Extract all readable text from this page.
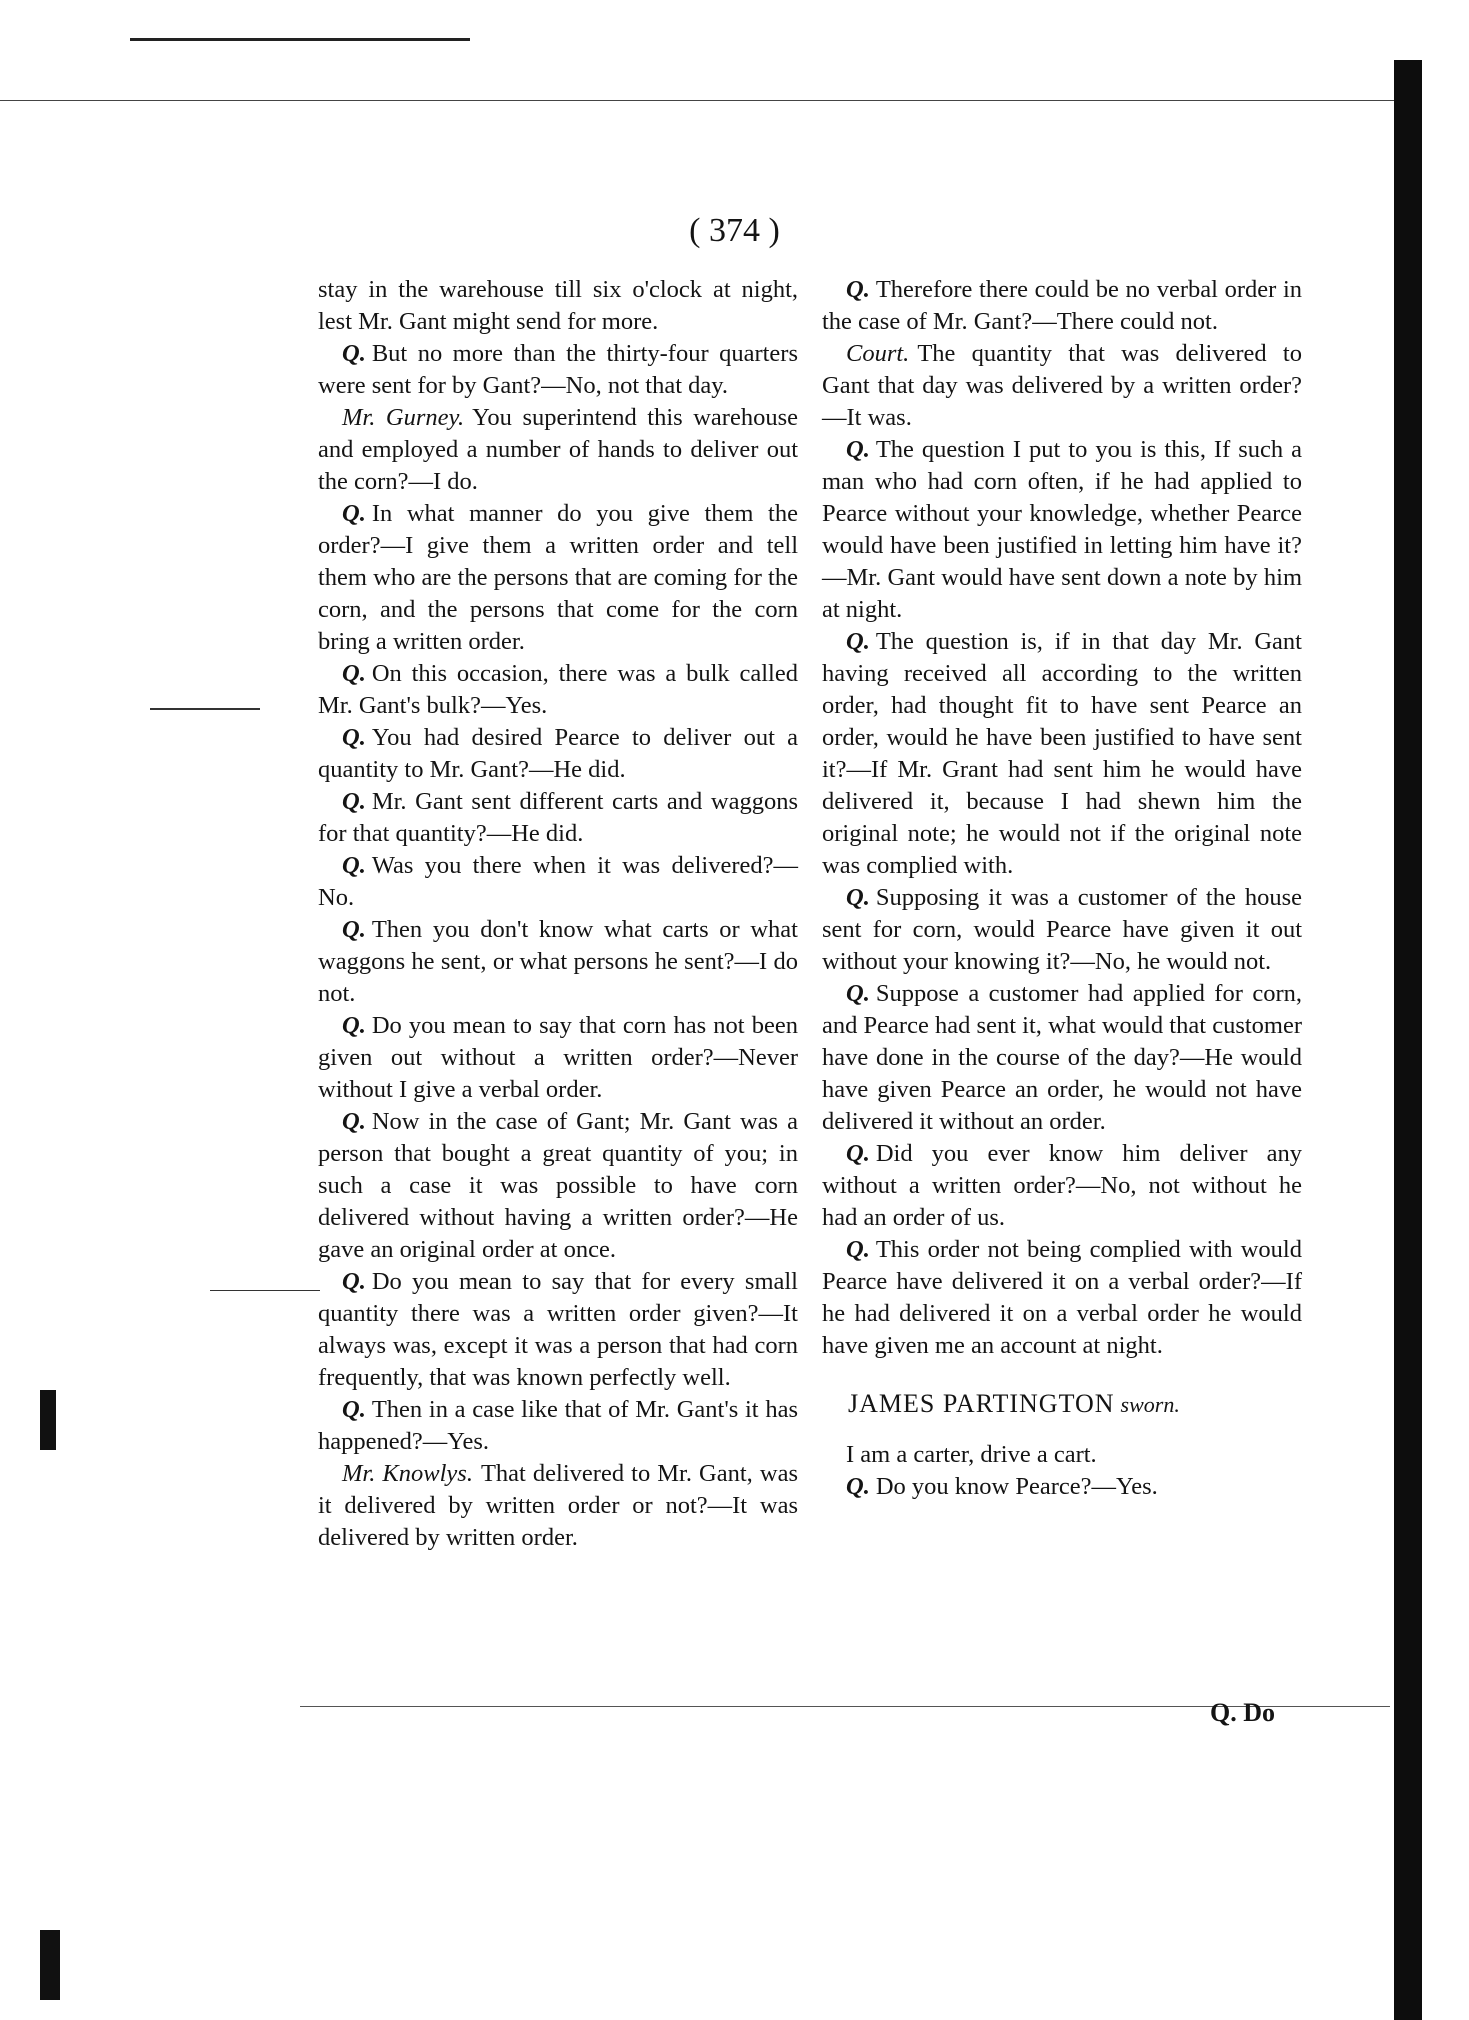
( 374 )

stay in the warehouse till six o'clock at night, lest Mr. Gant might send for more.

Q. But no more than the thirty-four quarters were sent for by Gant?—No, not that day.

Mr. Gurney. You superintend this warehouse and employed a number of hands to deliver out the corn?—I do.

Q. In what manner do you give them the order?—I give them a written order and tell them who are the persons that are coming for the corn, and the persons that come for the corn bring a written order.

Q. On this occasion, there was a bulk called Mr. Gant's bulk?—Yes.

Q. You had desired Pearce to deliver out a quantity to Mr. Gant?—He did.

Q. Mr. Gant sent different carts and waggons for that quantity?—He did.

Q. Was you there when it was delivered?—No.

Q. Then you don't know what carts or what waggons he sent, or what persons he sent?—I do not.

Q. Do you mean to say that corn has not been given out without a written order?—Never without I give a verbal order.

Q. Now in the case of Gant; Mr. Gant was a person that bought a great quantity of you; in such a case it was possible to have corn delivered without having a written order?—He gave an original order at once.

Q. Do you mean to say that for every small quantity there was a written order given?—It always was, except it was a person that had corn frequently, that was known perfectly well.

Q. Then in a case like that of Mr. Gant's it has happened?—Yes.

Mr. Knowlys. That delivered to Mr. Gant, was it delivered by written order or not?—It was delivered by written order.

Q. Therefore there could be no verbal order in the case of Mr. Gant?—There could not.

Court. The quantity that was delivered to Gant that day was delivered by a written order?—It was.

Q. The question I put to you is this, If such a man who had corn often, if he had applied to Pearce without your knowledge, whether Pearce would have been justified in letting him have it?—Mr. Gant would have sent down a note by him at night.

Q. The question is, if in that day Mr. Gant having received all according to the written order, had thought fit to have sent Pearce an order, would he have been justified to have sent it?—If Mr. Grant had sent him he would have delivered it, because I had shewn him the original note; he would not if the original note was complied with.

Q. Supposing it was a customer of the house sent for corn, would Pearce have given it out without your knowing it?—No, he would not.

Q. Suppose a customer had applied for corn, and Pearce had sent it, what would that customer have done in the course of the day?—He would have given Pearce an order, he would not have delivered it without an order.

Q. Did you ever know him deliver any without a written order?—No, not without he had an order of us.

Q. This order not being complied with would Pearce have delivered it on a verbal order?—If he had delivered it on a verbal order he would have given me an account at night.

JAMES PARTINGTON sworn.

I am a carter, drive a cart.

Q. Do you know Pearce?—Yes.

Q. Do
